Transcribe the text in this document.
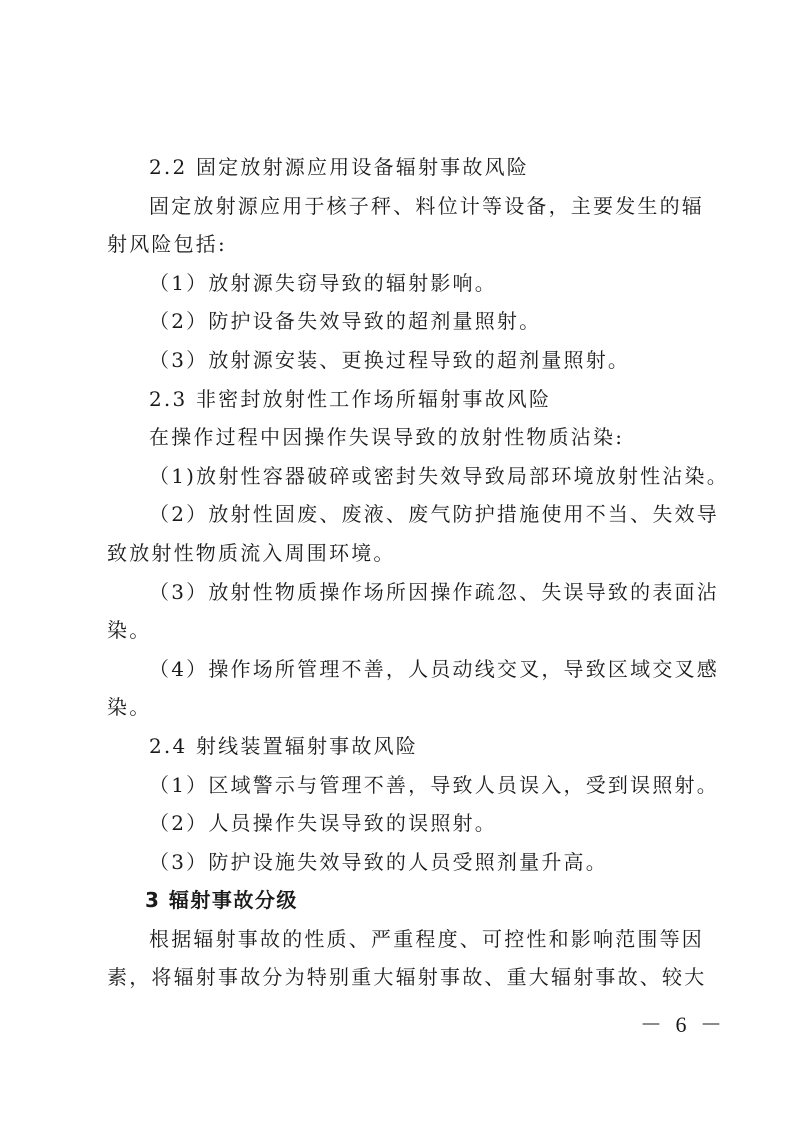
2.2 固定放射源应用设备辐射事故风险

固定放射源应用于核子秤、料位计等设备，主要发生的辐

射风险包括:

（1）放射源失窃导致的辐射影响。

（2）防护设备失效导致的超剂量照射。

（3）放射源安装、更换过程导致的超剂量照射。

2.3 非密封放射性工作场所辐射事故风险

在操作过程中因操作失误导致的放射性物质沾染:

（1)放射性容器破碎或密封失效导致局部环境放射性沾染。

（2）放射性固废、废液、废气防护措施使用不当、失效导

致放射性物质流入周围环境。

（3）放射性物质操作场所因操作疏忽、失误导致的表面沾

染。

（4）操作场所管理不善，人员动线交叉，导致区域交叉感

染。

2.4 射线装置辐射事故风险

（1）区域警示与管理不善，导致人员误入，受到误照射。

（2）人员操作失误导致的误照射。

（3）防护设施失效导致的人员受照剂量升高。

3 辐射事故分级

根据辐射事故的性质、严重程度、可控性和影响范围等因

素，将辐射事故分为特别重大辐射事故、重大辐射事故、较大

－ 6 －
